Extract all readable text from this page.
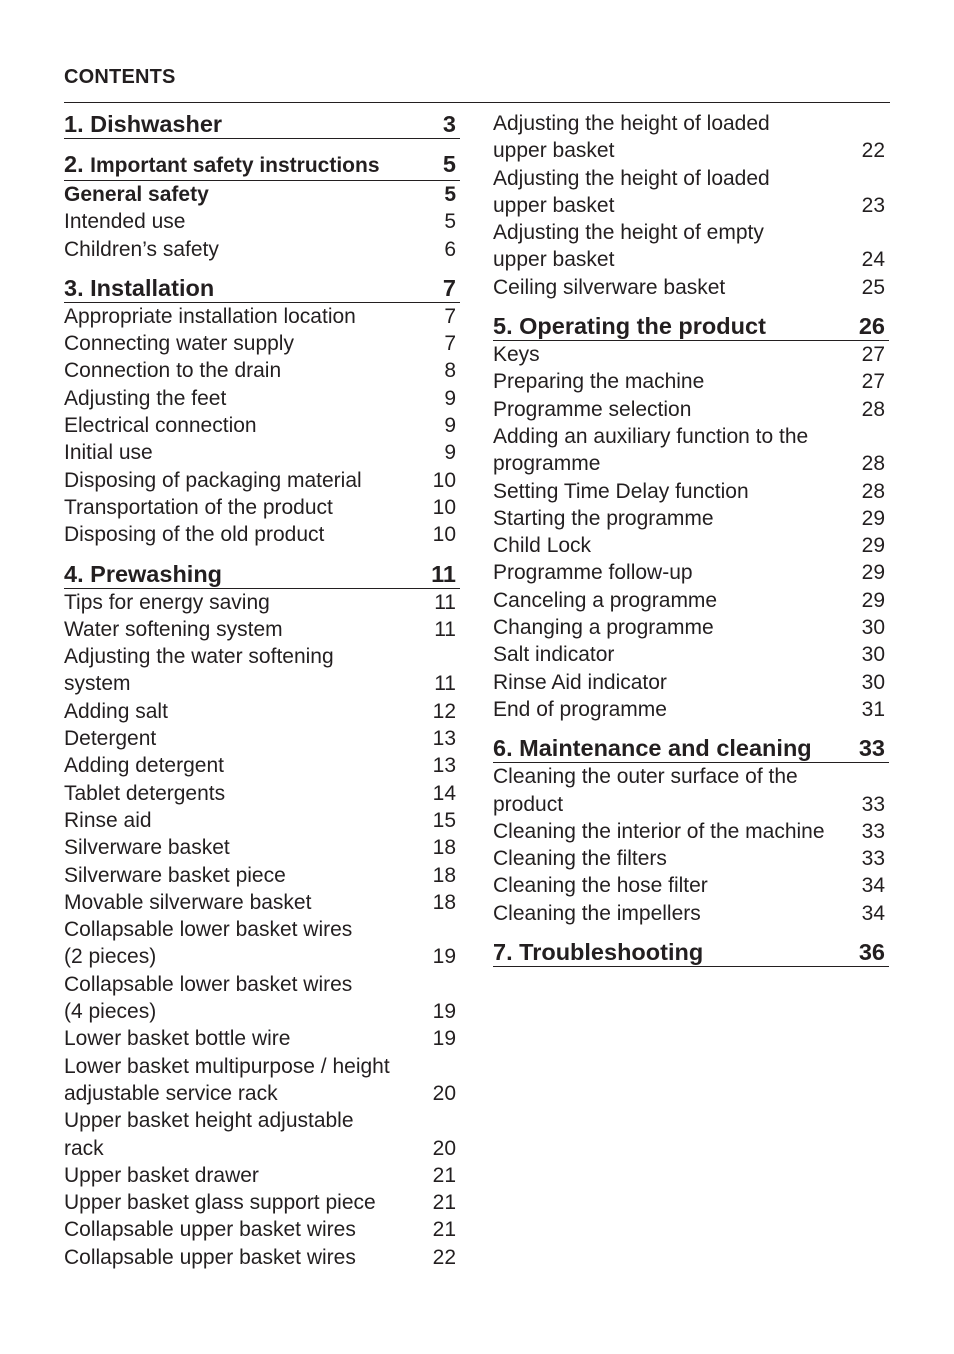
CONTENTS
1. Dishwasher	3
2. Important safety instructions	5
General safety	5
Intended use	5
Children’s safety	6
3. Installation	7
Appropriate installation location	7
Connecting water supply	7
Connection to the drain	8
Adjusting the feet	9
Electrical connection	9
Initial use	9
Disposing of packaging material	10
Transportation of the product	10
Disposing of the old product	10
4. Prewashing	11
Tips for energy saving	11
Water softening system	11
Adjusting the water softening
system	11
Adding salt	12
Detergent	13
Adding detergent	13
Tablet detergents	14
Rinse aid	15
Silverware basket	18
Silverware basket piece	18
Movable silverware basket	18
Collapsable lower basket wires
(2 pieces)	19
Collapsable lower basket wires
(4 pieces)	19
Lower basket bottle wire	19
Lower basket multipurpose / height
adjustable service rack	20
Upper basket height adjustable
rack	20
Upper basket drawer	21
Upper basket glass support piece	21
Collapsable upper basket wires	21
Collapsable upper basket wires	22
Adjusting the height of loaded
upper basket	22
Adjusting the height of loaded
upper basket	23
Adjusting the height of empty
upper basket	24
Ceiling silverware basket	25
5. Operating the product	26
Keys	27
Preparing the machine	27
Programme selection	28
Adding an auxiliary function to the
programme	28
Setting Time Delay function	28
Starting the programme	29
Child Lock	29
Programme follow-up	29
Canceling a programme	29
Changing a programme	30
Salt indicator	30
Rinse Aid indicator	30
End of programme	31
6. Maintenance and cleaning 33
Cleaning the outer surface of the
product	33
Cleaning the interior of the machine	33
Cleaning the filters	33
Cleaning the hose filter	34
Cleaning the impellers	34
7. Troubleshooting	36
